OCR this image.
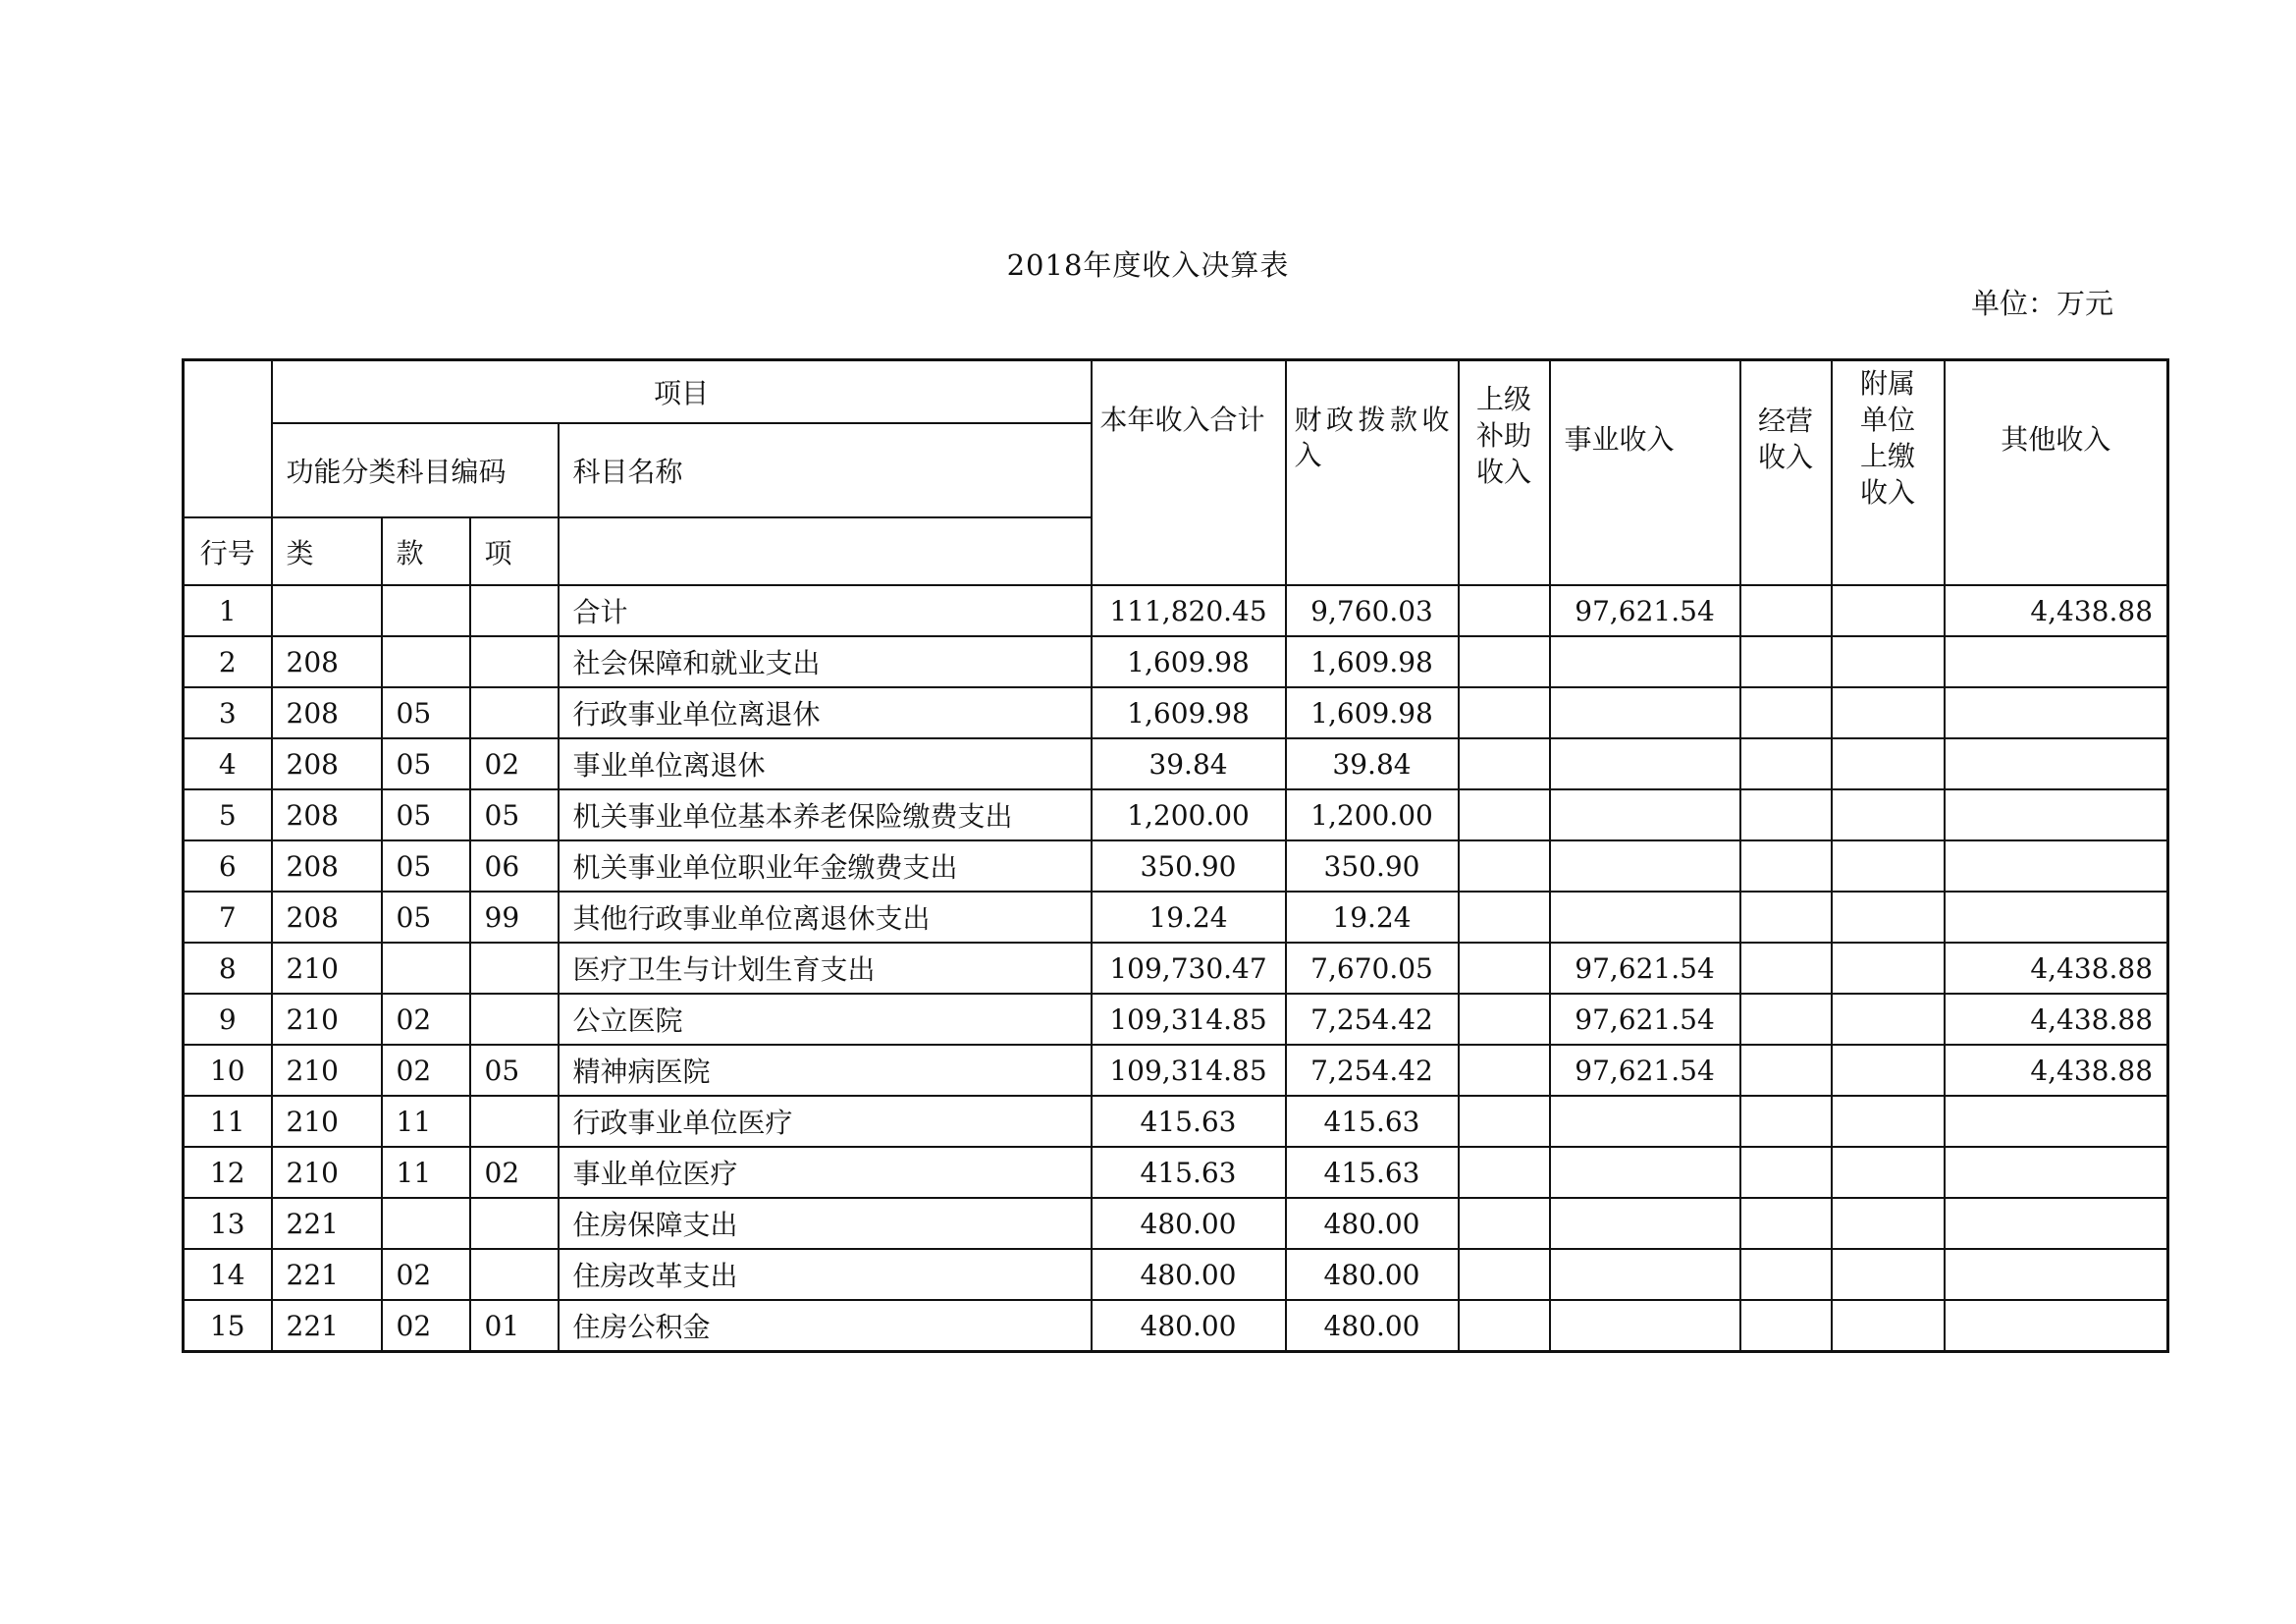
2018年度收入决算表
单位：万元
	项目				本年收入合计	财政拨款收入	上级补助收入	事业收入	经营收入	附属单位上缴收入	其他收入
	功能分类科目编码			科目名称							
行号	类	款	项								
1				合计	111,820.45	9,760.03		97,621.54			4,438.88
2	208			社会保障和就业支出	1,609.98	1,609.98					
3	208	05		行政事业单位离退休	1,609.98	1,609.98					
4	208	05	02	事业单位离退休	39.84	39.84					
5	208	05	05	机关事业单位基本养老保险缴费支出	1,200.00	1,200.00					
6	208	05	06	机关事业单位职业年金缴费支出	350.90	350.90					
7	208	05	99	其他行政事业单位离退休支出	19.24	19.24					
8	210			医疗卫生与计划生育支出	109,730.47	7,670.05		97,621.54			4,438.88
9	210	02		公立医院	109,314.85	7,254.42		97,621.54			4,438.88
10	210	02	05	精神病医院	109,314.85	7,254.42		97,621.54			4,438.88
11	210	11		行政事业单位医疗	415.63	415.63					
12	210	11	02	事业单位医疗	415.63	415.63					
13	221			住房保障支出	480.00	480.00					
14	221	02		住房改革支出	480.00	480.00					
15	221	02	01	住房公积金	480.00	480.00					
